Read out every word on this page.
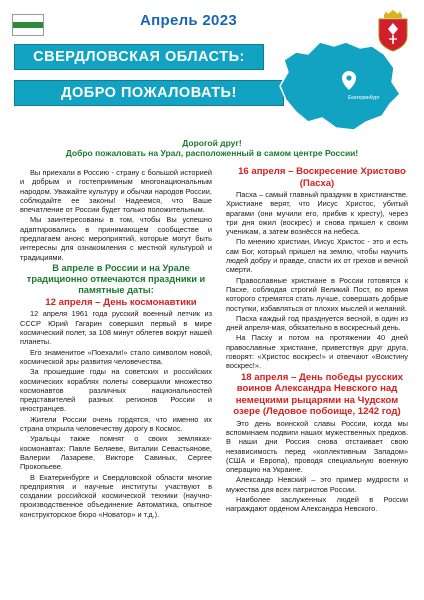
Апрель 2023
СВЕРДЛОВСКАЯ ОБЛАСТЬ:
ДОБРО ПОЖАЛОВАТЬ!	Екатеринбург
Дорогой друг!
Добро пожаловать на Урал, расположенный в самом центре России!

Вы приехали в Россию - страну с большой историей и добрым и гостеприимным многонациональным народом. Уважайте культуру и обычаи народов России, соблюдайте ее законы! Надеемся, что Ваше впечатление от России будет только положительным.

Мы заинтересованы в том, чтобы Вы успешно адаптировались в принимающем сообществе и предлагаем анонс мероприятий, которые могут быть интересны для ознакомления с местной культурой и традициями.

В апреле в России и на Урале традиционно отмечаются праздники и памятные даты:

12 апреля – День космонавтики

12 апреля 1961 года русский военный летчик из СССР Юрий Гагарин совершил первый в мире космический полет, за 108 минут облетев вокруг нашей планеты.

Его знаменитое «Поехали!» стало символом новой, космической эры развития человечества.

За прошедшие годы на советских и российских космических кораблях полеты совершили множество космонавтов различных национальностей представителей разных регионов России и иностранцев.

Жители России очень гордятся, что именно их страна открыла человечеству дорогу в Космос.

Уральцы также помнят о своих земляках-космонавтах: Павле Беляеве, Виталии Севастьянове, Валерии Лазареве, Викторе Савиных, Сергее Прокопьеве.

В Екатеринбурге и Свердловской области многие предприятия и научные институты участвуют в создании российской космической техники (научно-производственное объединение Автоматика, опытное конструкторское бюро «Новатор» и т.д.).

16 апреля – Воскресение Христово (Пасха)

Пасха – самый главный праздник в христианстве. Христиане верят, что Иисус Христос, убитый врагами (они мучили его, прибив к кресту), через три дня ожил (воскрес) и снова пришел к своим ученикам, а затем вознёсся на небеса.

По мнению христиан, Иисус Христос - это и есть сам Бог, который пришел на землю, чтобы научить людей добру и правде, спасти их от грехов и вечной смерти.

Православные христиане в России готовятся к Пасхе, соблюдая строгий Великий Пост, во время которого стремятся стать лучше, совершать добрые поступки, избавляться от плохих мыслей и желаний.

Пасха каждый год празднуется весной, в один из дней апреля-мая, обязательно в воскресный день.

На Пасху и потом на протяжении 40 дней православные христиане, приветствуя друг друга, говорят: «Христос воскрес!» и отвечают «Воистину воскрес!».

18 апреля – День победы русских воинов Александра Невского над немецкими рыцарями на Чудском озере (Ледовое побоище, 1242 год)

Это день воинской славы России, когда мы вспоминаем подвиги наших мужественных предков. В наши дни Россия снова отстаивает свою независимость перед «коллективным Западом» (США и Европа), проводя специальную военную операцию на Украине.

Александр Невский – это пример мудрости и мужества для всех патриотов России.

Наиболее заслуженных людей в России награждают орденом Александра Невского.
